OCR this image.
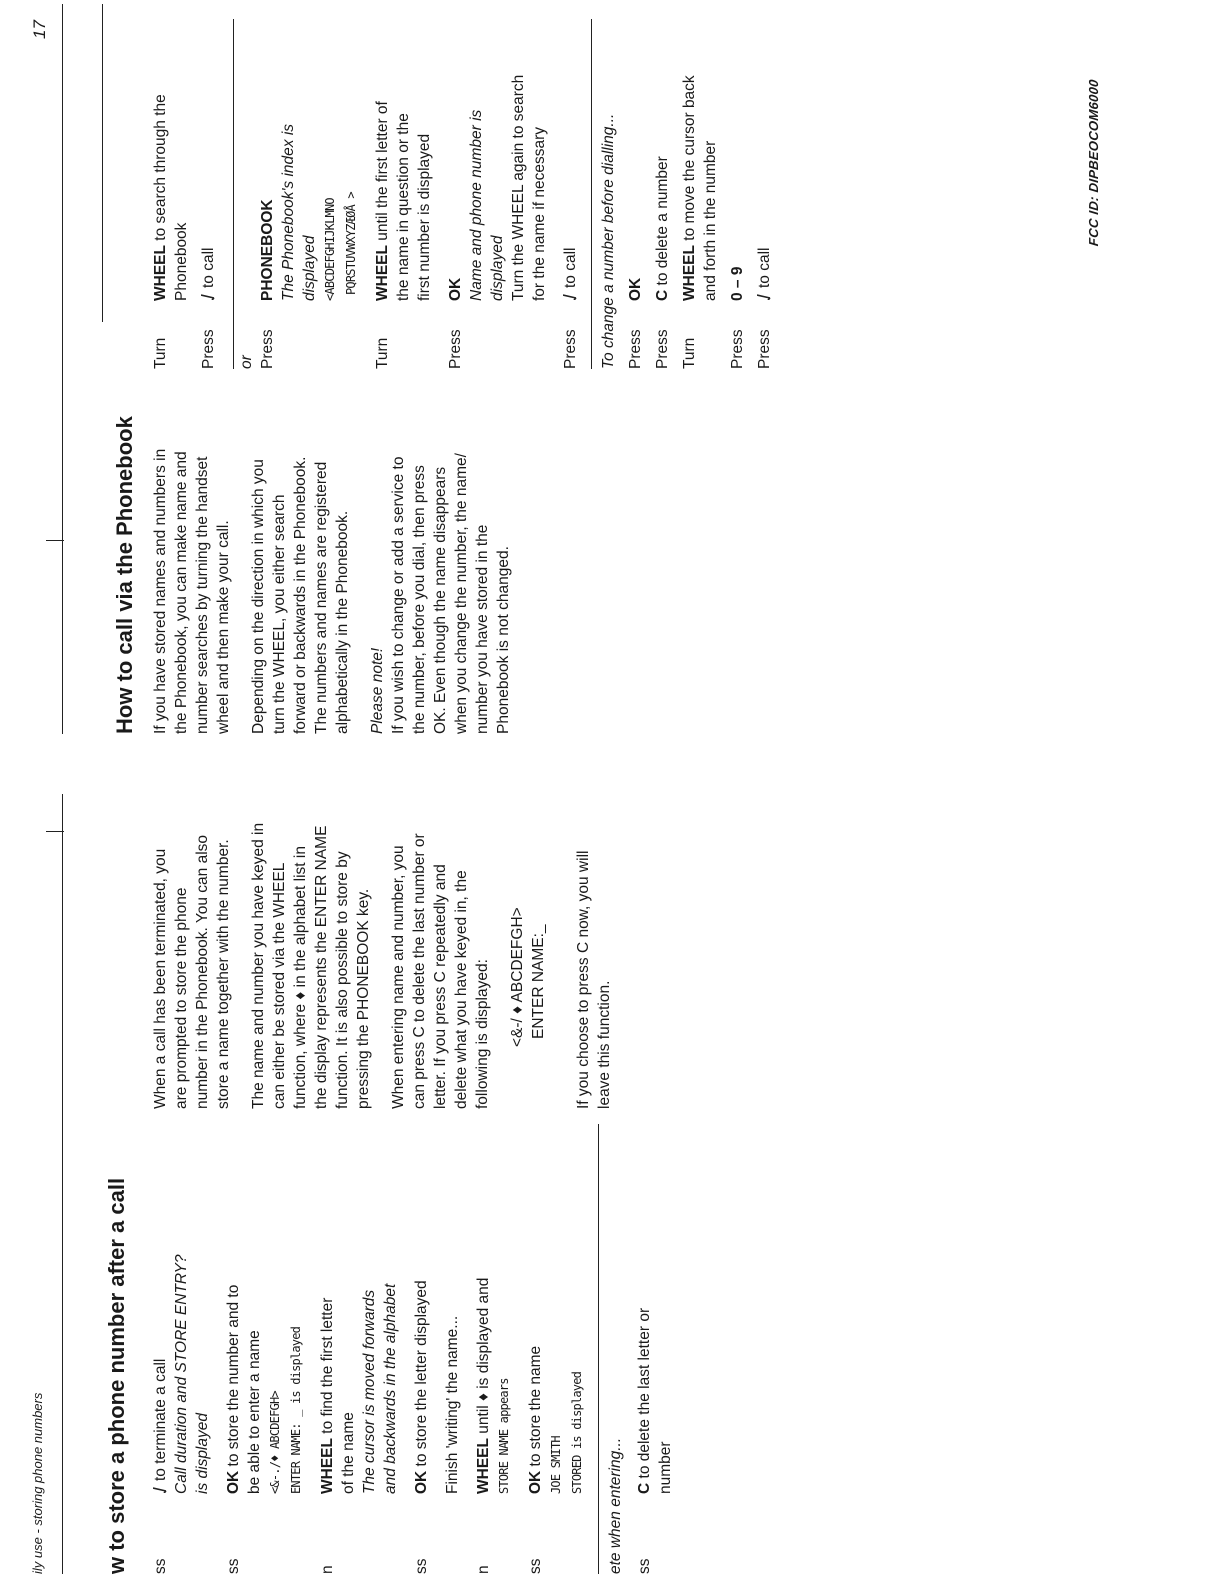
ily use - storing phone numbers	w to store a phone number after a call ss
to terminate a call Call duration and STORE ENTRY? is displayed
ss
OK to store the number and to be able to enter a name <&-./♦ ABCDEFGH> ENTER NAME: _ is displayed
n
WHEEL to find the first letter
of the name The cursor is moved forwards and backwards in the alphabet
ss
OK to store the letter displayed Finish 'writing' the name...
n
WHEEL until ♦ is displayed and STORE NAME appears
ss
OK to store the name JOE SMITH STORED is displayed
ete when entering... ss
C to delete the last letter or number

When a call has been terminated, you are prompted to store the phone number in the Phonebook. You can also store a name together with the number. The name and number you have keyed in can either be stored via the WHEEL function, where ♦ in the alphabet list in the display represents the ENTER NAME function. It is also possible to store by pressing the PHONEBOOK key. When entering name and number, you can press C to delete the last number or letter. If you press C repeatedly and delete what you have keyed in, the following is displayed: <&-/ ♦ ABCDEFGH> ENTER NAME:_ If you choose to press C now, you will leave this function.

17
How to call via the Phonebook If you have stored names and numbers in the Phonebook, you can make name and number searches by turning the handset wheel and then make your call. Depending on the direction in which you turn the WHEEL, you either search forward or backwards in the Phonebook. The numbers and names are registered alphabetically in the Phonebook. Please note! If you wish to change or add a service to the number, before you dial, then press OK. Even though the name disappears when you change the number, the name/ number you have stored in the Phonebook is not changed.

Turn
WHEEL to search through the
Phonebook
Press
to call
or Press
PHONEBOOK The Phonebook's index is displayed <ABCDEFGHIJKLMNO PQRSTUVWXYZÆØÅ >
Turn
WHEEL until the first letter of the name in question or the first number is displayed
Press
OK Name and phone number is displayed Turn the WHEEL again to search for the name if necessary
Press
to call To change a number before dialling... Press
OK
Press
C to delete a number
Turn
WHEEL to move the cursor back and forth in the number
Press
0 – 9
Press
to call
FCC ID: DIPBEOCOM6000
